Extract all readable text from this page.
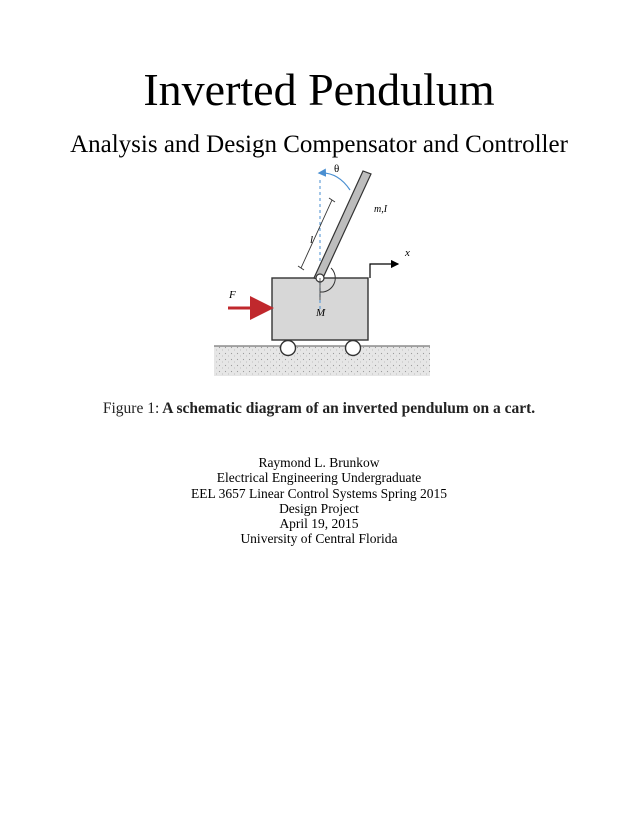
Inverted Pendulum
Analysis and Design Compensator and Controller
θ
l
m,I
x
F
M
Figure 1: A schematic diagram of an inverted pendulum on a cart.
Raymond L. Brunkow
Electrical Engineering Undergraduate
EEL 3657 Linear Control Systems Spring 2015
Design Project
April 19, 2015
University of Central Florida
